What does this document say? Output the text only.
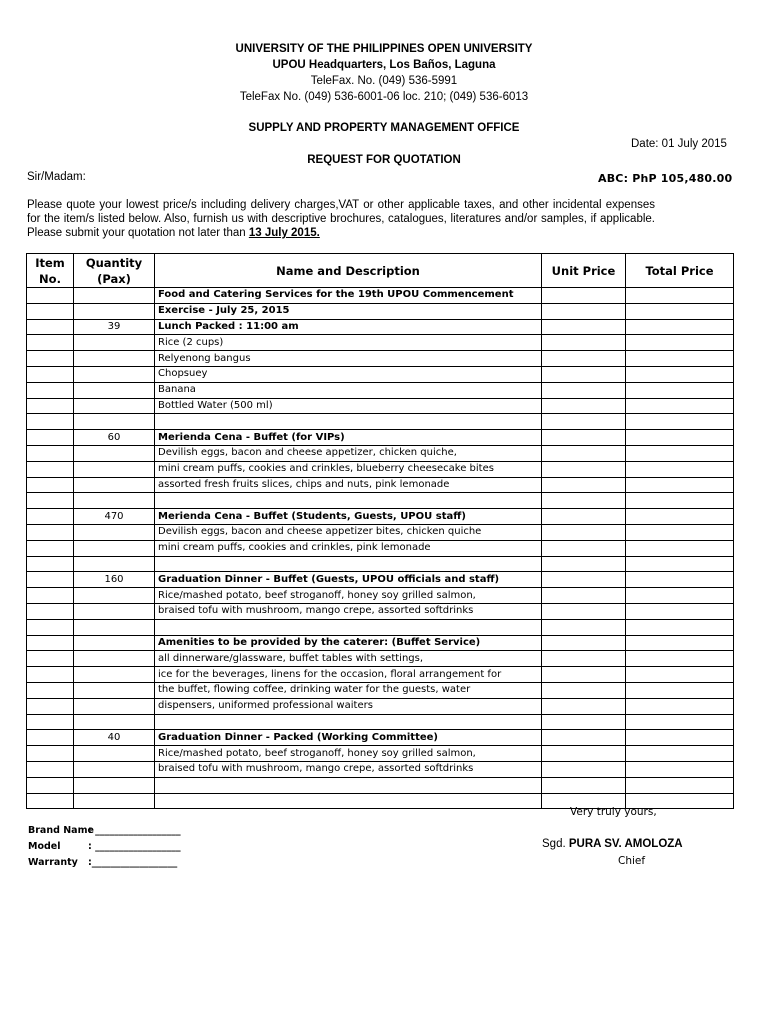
UNIVERSITY OF THE PHILIPPINES OPEN UNIVERSITY
UPOU Headquarters, Los Baños, Laguna
TeleFax. No. (049) 536-5991
TeleFax No. (049) 536-6001-06 loc. 210; (049) 536-6013
SUPPLY AND PROPERTY MANAGEMENT OFFICE
Date: 01 July 2015
REQUEST FOR QUOTATION
Sir/Madam:	ABC: PhP 105,480.00
Please quote your lowest price/s including delivery charges,VAT or other applicable taxes, and other incidental expenses for the item/s listed below. Also, furnish us with descriptive brochures, catalogues, literatures and/or samples, if applicable. Please submit your quotation not later than 13 July 2015.
Item No.	Quantity (Pax)	Name and Description	Unit Price	Total Price
		Food and Catering Services for the 19th UPOU Commencement		
		Exercise - July 25, 2015		
	39	Lunch Packed : 11:00 am		
		Rice (2 cups)		
		Relyenong bangus		
		Chopsuey		
		Banana		
		Bottled Water (500 ml)		

	60	Merienda Cena - Buffet (for VIPs)		
		Devilish eggs, bacon and cheese appetizer, chicken quiche,		
		mini cream puffs, cookies and crinkles, blueberry cheesecake bites		
		assorted fresh fruits slices, chips and nuts, pink lemonade		

	470	Merienda Cena - Buffet (Students, Guests, UPOU staff)		
		Devilish eggs, bacon and cheese appetizer bites, chicken quiche		
		mini cream puffs, cookies and crinkles, pink lemonade		

	160	Graduation Dinner - Buffet (Guests, UPOU officials and staff)		
		Rice/mashed potato, beef stroganoff, honey soy grilled salmon,		
		braised tofu with mushroom, mango crepe, assorted softdrinks		

		Amenities to be provided by the caterer: (Buffet Service)		
		all dinnerware/glassware, buffet tables with settings,		
		ice for the beverages, linens for the occasion, floral arrangement for		
		the buffet, flowing coffee, drinking water for the guests, water		
		dispensers, uniformed professional waiters		

	40	Graduation Dinner - Packed (Working Committee)		
		Rice/mashed potato, beef stroganoff, honey soy grilled salmon,		
		braised tofu with mushroom, mango crepe, assorted softdrinks		

Very truly yours,
Sgd. PURA SV. AMOLOZA
Chief
Brand Name: __________________
Model	: __________________
Warranty :__________________
